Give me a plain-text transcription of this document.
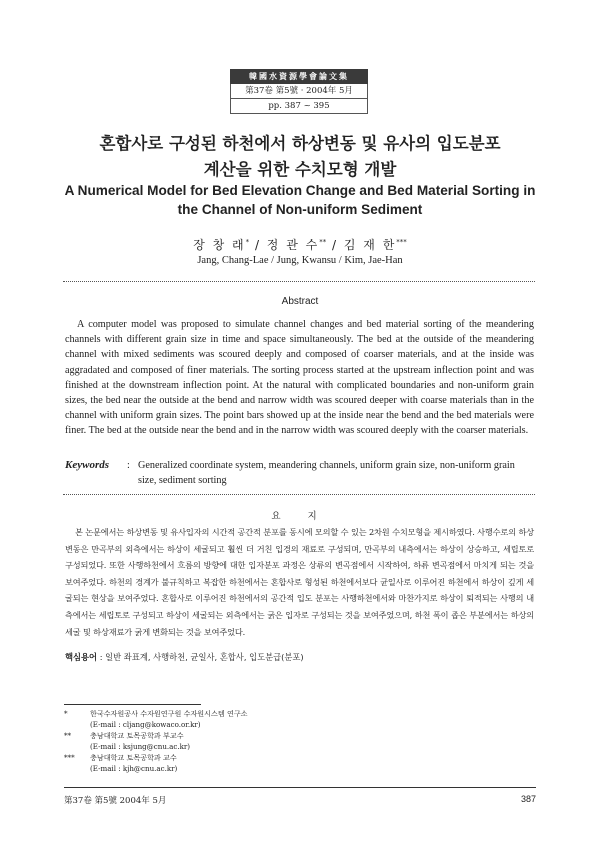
韓國水資源學會論文集
第37卷 第5號 · 2004年 5月
pp. 387 ~ 395
혼합사로 구성된 하천에서 하상변동 및 유사의 입도분포
계산을 위한 수치모형 개발
A Numerical Model for Bed Elevation Change and Bed Material Sorting in
the Channel of Non-uniform Sediment
장 창 래* / 정 관 수** / 김 재 한***
Jang, Chang-Lae / Jung, Kwansu / Kim, Jae-Han
Abstract
A computer model was proposed to simulate channel changes and bed material sorting of the meandering channels with different grain size in time and space simultaneously. The bed at the outside of the meandering channel with mixed sediments was scoured deeply and composed of coarser materials, and at the inside was aggradated and composed of finer materials. The sorting process started at the upstream inflection point and was finished at the downstream inflection point. At the natural with complicated boundaries and non-uniform grain sizes, the bed near the outside at the bend and narrow width was scoured deeper with coarse materials than in the channel with uniform grain sizes. The point bars showed up at the inside near the bend and the bed materials were finer. The bed at the outside near the bend and in the narrow width was scoured deeply with the coarser materials.
Keywords : Generalized coordinate system, meandering channels, uniform grain size, non-uniform grain size, sediment sorting
요 지
본 논문에서는 하상변동 및 유사입자의 시간적 공간적 분포를 동시에 모의할 수 있는 2차원 수치모형을 제시하였다. 사행수로의 하상변동은 만곡부의 외측에서는 하상이 세굴되고 훨씬 더 거친 입경의 재료로 구성되며, 만곡부의 내측에서는 하상이 상승하고, 세립토로 구성되었다. 또한 사행하천에서 흐름의 방향에 대한 입자분포 과정은 상류의 변곡점에서 시작하여, 하류 변곡점에서 마치게 되는 것을 보여주었다. 하천의 경계가 불규칙하고 복잡한 하천에서는 혼합사로 형성된 하천에서보다 균일사로 이루어진 하천에서 하상이 깊게 세굴되는 현상을 보여주었다. 혼합사로 이루어진 하천에서의 공간적 입도 분포는 사행하천에서와 마찬가지로 하상이 퇴적되는 사행의 내측에서는 세립토로 구성되고 하상이 세굴되는 외측에서는 굵은 입자로 구성되는 것을 보여주었으며, 하천 폭이 좁은 부분에서는 하상의 세굴 및 하상재료가 굵게 변화되는 것을 보여주었다.
핵심용어 : 일반 좌표계, 사행하천, 균일사, 혼합사, 입도분급(분포)
*	한국수자원공사 수자원연구원 수자원시스템 연구소
(E-mail : cljang@kowaco.or.kr)
**	충남대학교 토목공학과 부교수
(E-mail : ksjung@cnu.ac.kr)
*** 충남대학교 토목공학과 교수
(E-mail : kjh@cnu.ac.kr)
第37卷 第5號 2004年 5月	387
